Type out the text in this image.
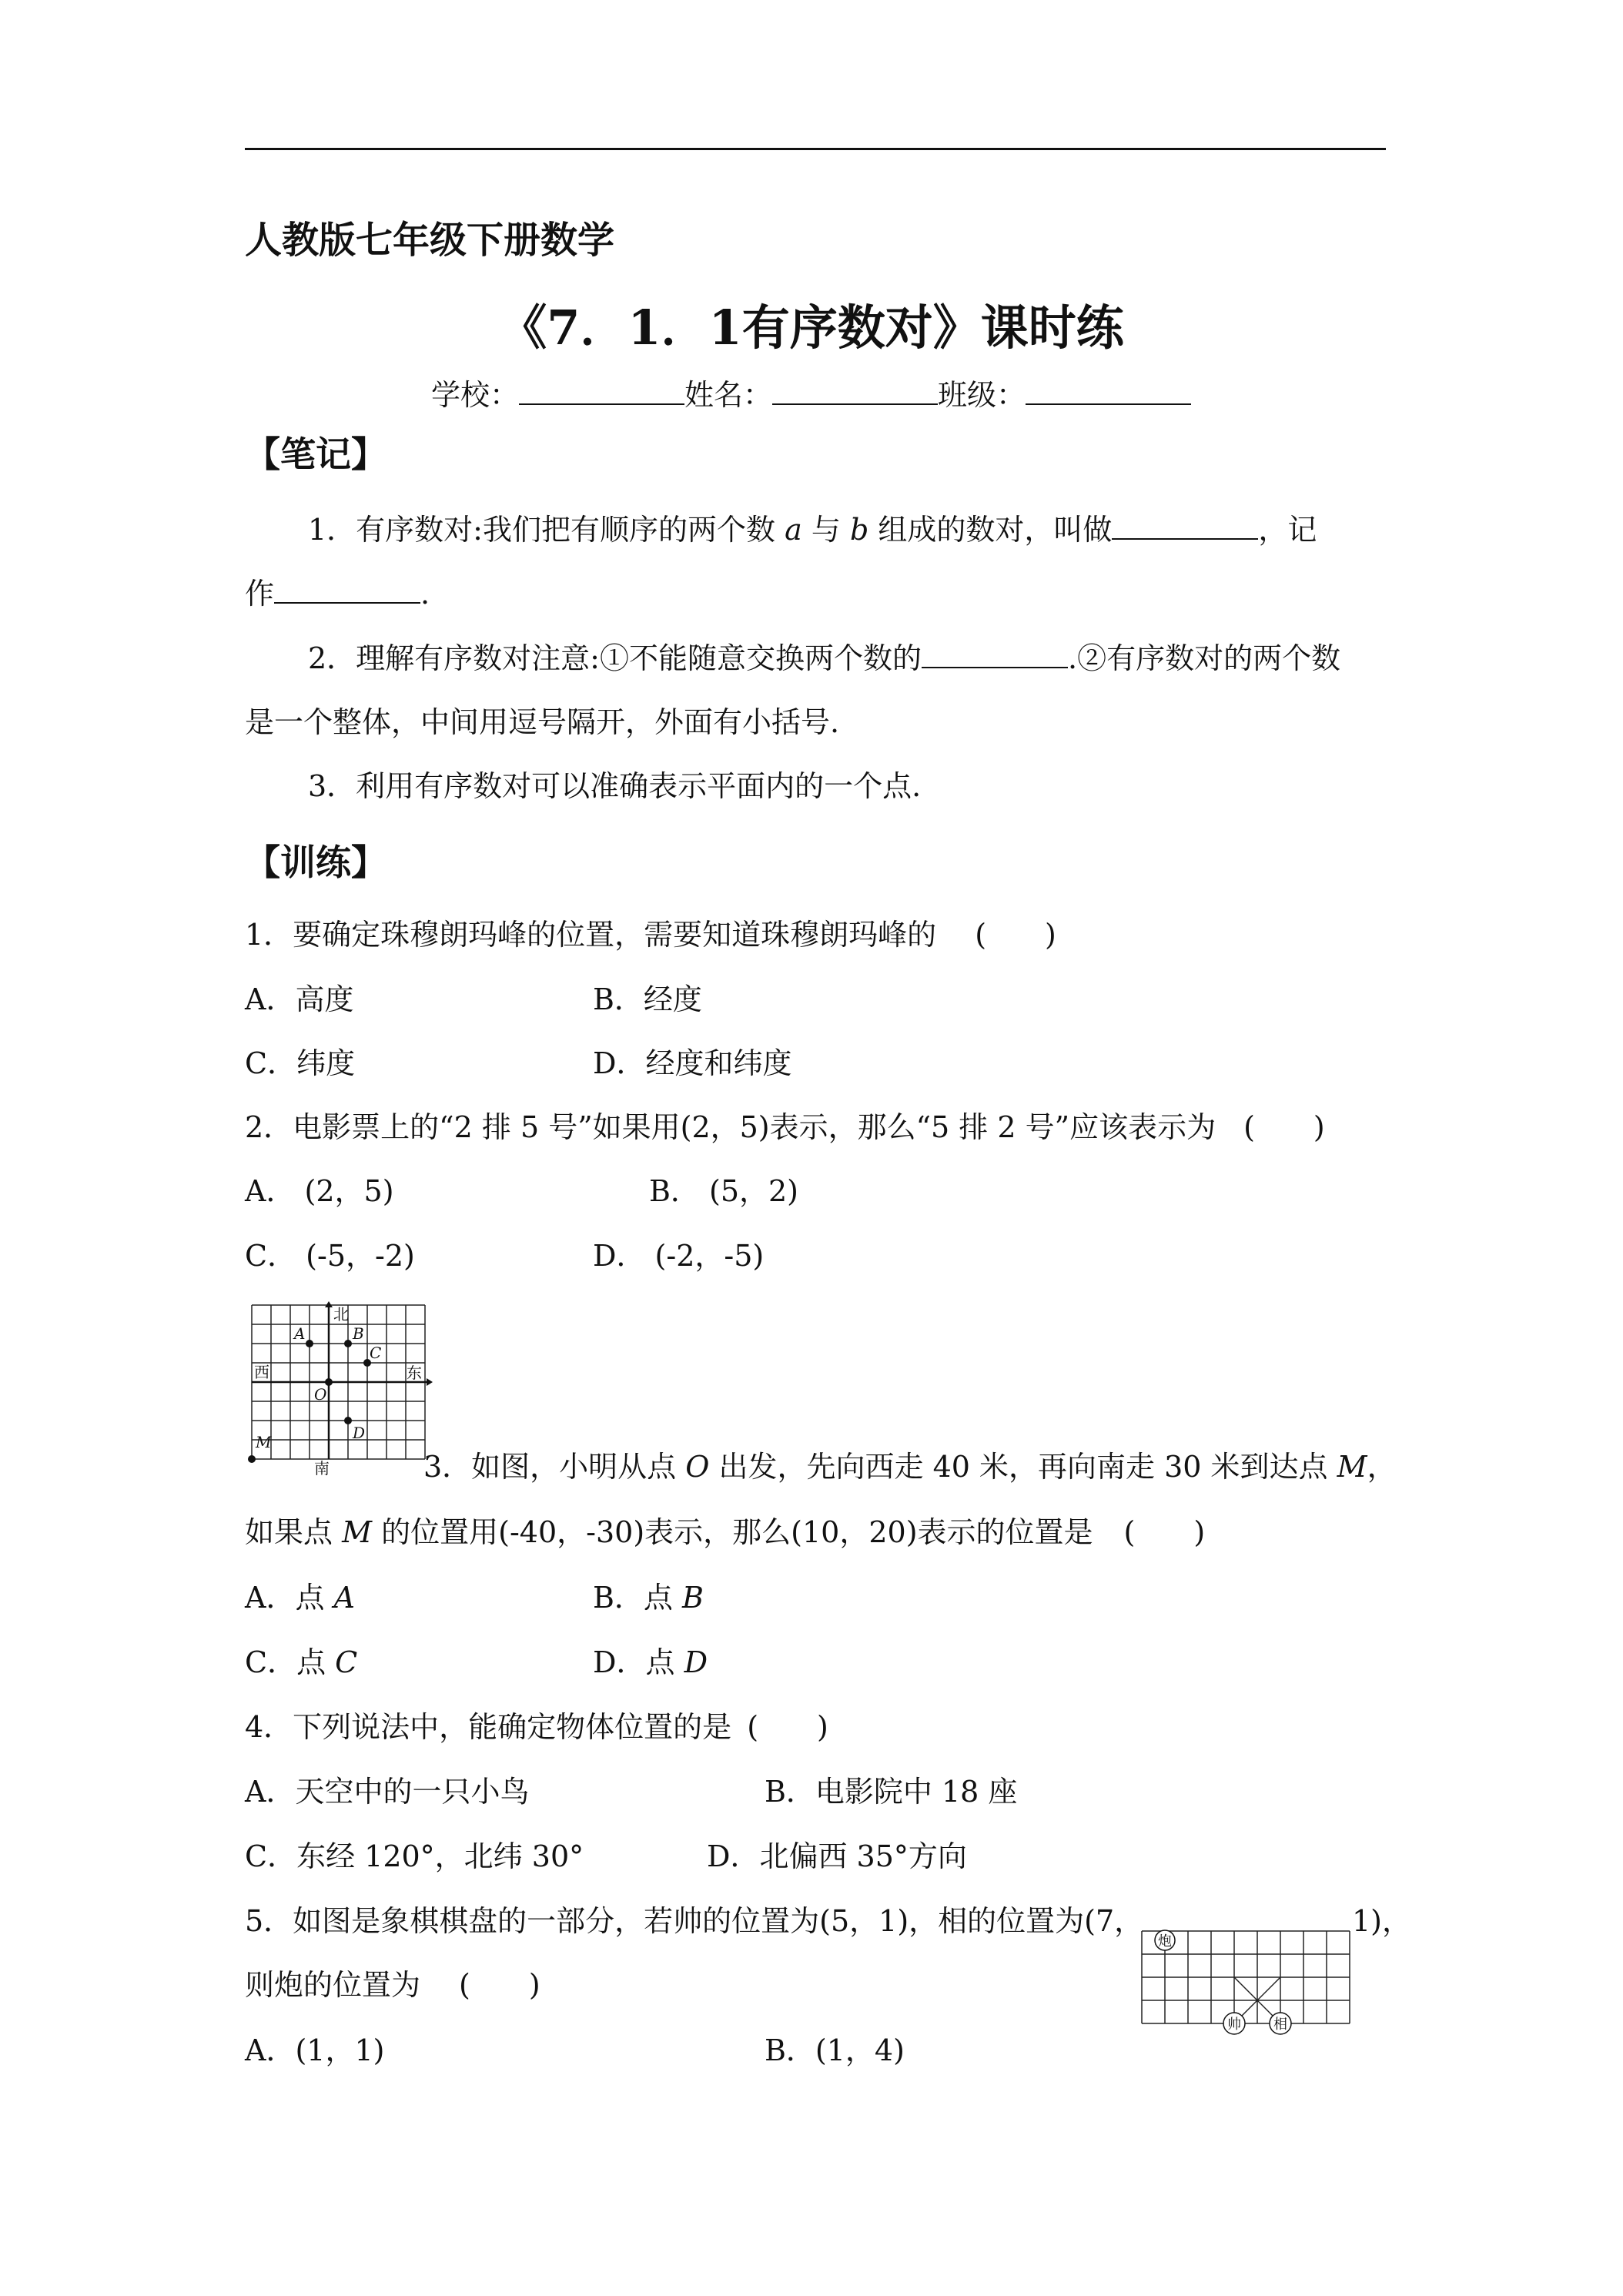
人教版七年级下册数学
《7．1．1有序数对》课时练
学校：	姓名：	班级：
【笔记】
1．有序数对:我们把有顺序的两个数 a 与 b 组成的数对，叫做	，记
作	.
2．理解有序数对注意:①不能随意交换两个数的	.②有序数对的两个数
是一个整体，中间用逗号隔开，外面有小括号.
3．利用有序数对可以准确表示平面内的一个点.
【训练】
1．要确定珠穆朗玛峰的位置，需要知道珠穆朗玛峰的 (　　)
A．高度	B．经度
C．纬度	D．经度和纬度
2．电影票上的“2 排 5 号”如果用(2，5)表示，那么“5 排 2 号”应该表示为 (　　)
A． (2，5)	B． (5，2)
C． (-5，-2)	D． (-2，-5)
北
南
东
西
A	B
C
O
D
M
3．如图，小明从点 O 出发，先向西走 40 米，再向南走 30 米到达点 M，
如果点 M 的位置用(-40，-30)表示，那么(10，20)表示的位置是 (　　)
A．点 A	B．点 B
C．点 C	D．点 D
4．下列说法中，能确定物体位置的是 (　　)
A．天空中的一只小鸟	B．电影院中 18 座
C．东经 120°，北纬 30°	D．北偏西 35°方向
5．如图是象棋棋盘的一部分，若帅的位置为(5，1)，相的位置为(7，	1)，
则炮的位置为 (　　)
A．(1，1)	B．(1，4)
炮
帅 相
